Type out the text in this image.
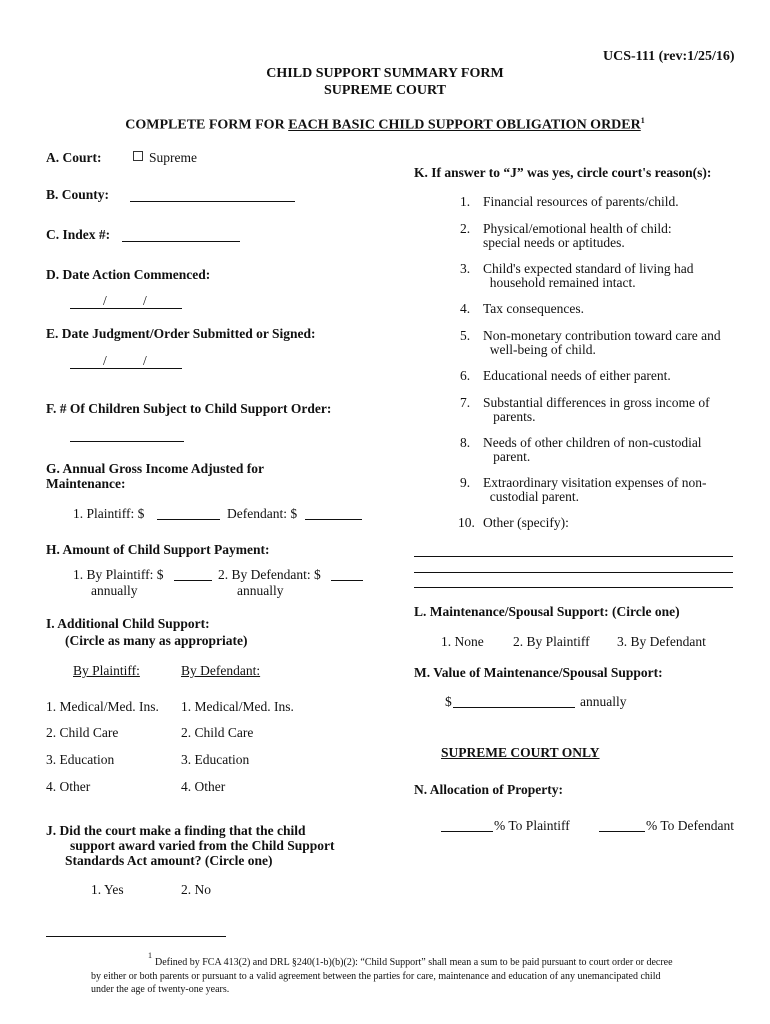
UCS-111 (rev:1/25/16)
CHILD SUPPORT SUMMARY FORM
SUPREME COURT
COMPLETE FORM FOR EACH BASIC CHILD SUPPORT OBLIGATION ORDER$^1$
A. Court:	Supreme
B. County:
C. Index #:
D. Date Action Commenced:
/	/
E. Date Judgment/Order Submitted or Signed:
/	/
F. # Of Children Subject to Child Support Order:
G. Annual Gross Income Adjusted for
Maintenance:
1. Plaintiff: $	Defendant: $
H. Amount of Child Support Payment:
1. By Plaintiff: $	2. By Defendant: $
annually	annually
I. Additional Child Support:
(Circle as many as appropriate)
By Plaintiff:	By Defendant:
1. Medical/Med. Ins. 1. Medical/Med. Ins.
2. Child Care	2. Child Care
3. Education	3. Education
4. Other	4. Other
J. Did the court make a finding that the child
support award varied from the Child Support
Standards Act amount? (Circle one)
1. Yes	2. No
K. If answer to “J” was yes, circle court's reason(s):
1. Financial resources of parents/child.
2. Physical/emotional health of child:
special needs or aptitudes.
3. Child's expected standard of living had
household remained intact.
4. Tax consequences.
5. Non-monetary contribution toward care and
well-being of child.
6. Educational needs of either parent.
7. Substantial differences in gross income of
parents.
8. Needs of other children of non-custodial
parent.
9. Extraordinary visitation expenses of non-
custodial parent.
10. Other (specify):
L. Maintenance/Spousal Support: (Circle one)
1. None 2. By Plaintiff 3. By Defendant
M. Value of Maintenance/Spousal Support:
$	annually
SUPREME COURT ONLY
N. Allocation of Property:
% To Plaintiff	% To Defendant
1
Defined by FCA 413(2) and DRL §240(1-b)(b)(2): “Child Support” shall mean a sum to be paid pursuant to court order or decree
by either or both parents or pursuant to a valid agreement between the parties for care, maintenance and education of any unemancipated child
under the age of twenty-one years.
